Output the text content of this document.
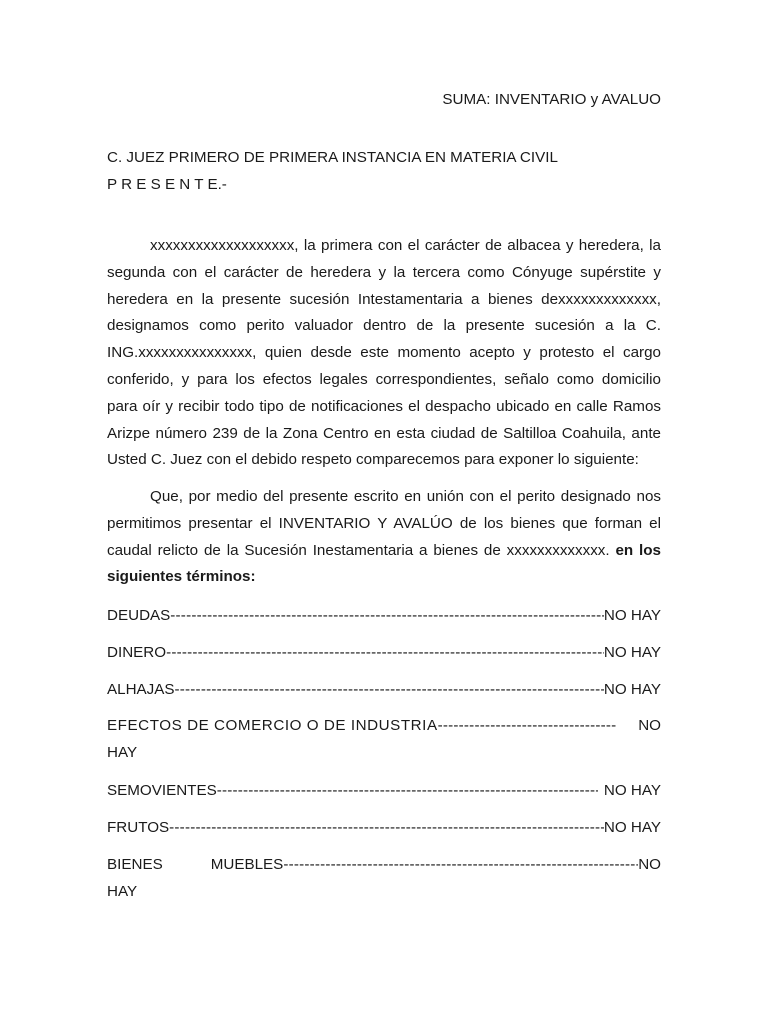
SUMA: INVENTARIO y AVALUO
C. JUEZ PRIMERO DE PRIMERA INSTANCIA EN MATERIA CIVIL
P R E S E N T E.-
xxxxxxxxxxxxxxxxxxx, la primera con el carácter de albacea y heredera, la segunda con el carácter de heredera y la tercera como Cónyuge supérstite y heredera en la presente sucesión Intestamentaria a bienes dexxxxxxxxxxxxx, designamos como perito valuador dentro de la presente sucesión a la C. ING.xxxxxxxxxxxxxxx, quien desde este momento acepto y protesto el cargo conferido, y para los efectos legales correspondientes, señalo como domicilio para oír y recibir todo tipo de notificaciones el despacho ubicado en calle Ramos Arizpe número 239 de la Zona Centro en esta ciudad de Saltilloa Coahuila, ante Usted C. Juez con el debido respeto comparecemos para exponer lo siguiente:
Que, por medio del presente escrito en unión con el perito designado nos permitimos presentar el INVENTARIO Y AVALÚO de los bienes que forman el caudal relicto de la Sucesión Inestamentaria a bienes de xxxxxxxxxxxxx. en los siguientes términos:
DEUDAS -----	NO HAY
DINERO -----	NO HAY
ALHAJAS -----	NO HAY
EFECTOS DE COMERCIO O DE INDUSTRIA -----	NO
HAY
SEMOVIENTES -----	NO HAY
FRUTOS -----	NO HAY
BIENES	MUEBLES -----	NO
HAY
